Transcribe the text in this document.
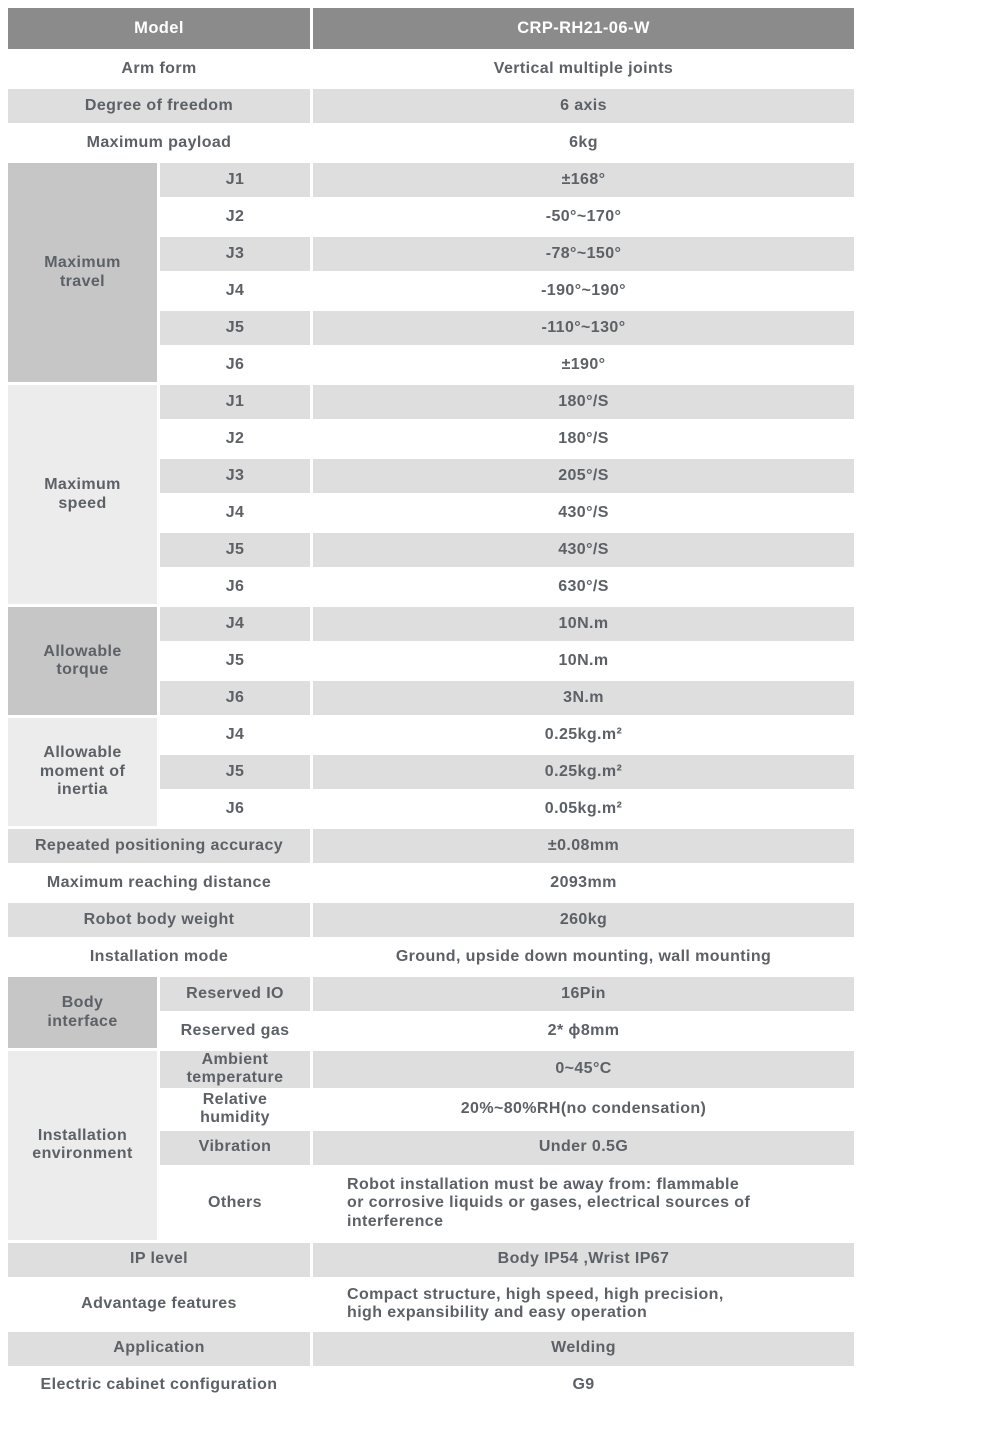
Model		CRP-RH21-06-W
Arm form		Vertical multiple joints
Degree of freedom		6 axis
Maximum payload		6kg
Maximum travel	J1	±168°
	J2	-50°~170°
	J3	-78°~150°
	J4	-190°~190°
	J5	-110°~130°
	J6	±190°
Maximum speed	J1	180°/S
	J2	180°/S
	J3	205°/S
	J4	430°/S
	J5	430°/S
	J6	630°/S
Allowable torque	J4	10N.m
	J5	10N.m
	J6	3N.m
Allowable moment of inertia	J4	0.25kg.m²
	J5	0.25kg.m²
	J6	0.05kg.m²
Repeated positioning accuracy		±0.08mm
Maximum reaching distance		2093mm
Robot body weight		260kg
Installation mode		Ground, upside down mounting, wall mounting
Body interface	Reserved IO	16Pin
	Reserved gas	2* ϕ8mm
Installation environment	Ambient temperature	0~45°C
	Relative humidity	20%~80%RH(no condensation)
	Vibration	Under 0.5G
	Others	Robot installation must be away from: flammable
or corrosive liquids or gases, electrical sources of
interference

IP level		Body IP54 ,Wrist IP67
Advantage features		Compact structure, high speed, high precision,
high expansibility and easy operation

Application		Welding
Electric cabinet configuration		G9
